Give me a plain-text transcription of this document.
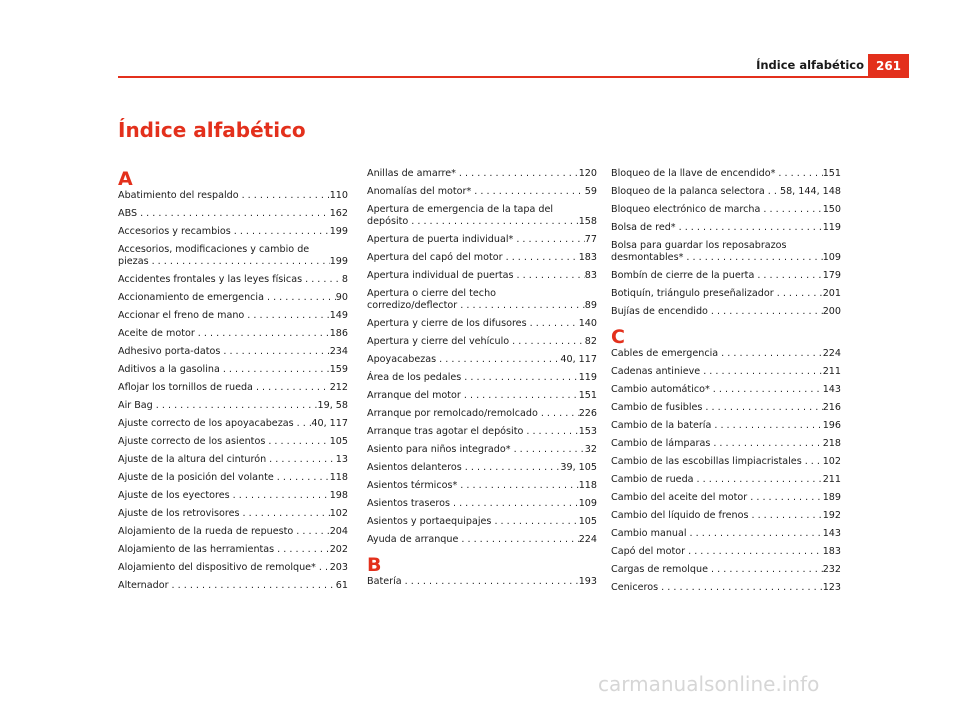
Índice alfabético 261
Índice alfabético
A
Abatimiento del respaldo . . .	110
ABS . . .	162
Accesorios y recambios . . .	199
Accesorios, modificaciones y cambio de
piezas . . .	199
Accidentes frontales y las leyes físicas . . .	8
Accionamiento de emergencia . . .	90
Accionar el freno de mano . . .	149
Aceite de motor . . .	186
Adhesivo porta-datos . . .	234
Aditivos a la gasolina . . .	159
Aflojar los tornillos de rueda . . .	212
Air Bag . . .	19, 58
Ajuste correcto de los apoyacabezas . . . 40, 117
Ajuste correcto de los asientos . . .	105
Ajuste de la altura del cinturón . . .	13
Ajuste de la posición del volante . . .	118
Ajuste de los eyectores . . .	198
Ajuste de los retrovisores . . .	102
Alojamiento de la rueda de repuesto . . .	204
Alojamiento de las herramientas . . .	202
Alojamiento del dispositivo de remolque* . . . 203
Alternador . . .	61
Anillas de amarre* . . .	120
Anomalías del motor* . . .	59
Apertura de emergencia de la tapa del
depósito . . .	158
Apertura de puerta individual* . . .	77
Apertura del capó del motor . . .	183
Apertura individual de puertas . . .	83
Apertura o cierre del techo
corredizo/deflector . . .	89
Apertura y cierre de los difusores . . .	140
Apertura y cierre del vehículo . . .	82
Apoyacabezas . . .	40, 117
Área de los pedales . . .	119
Arranque del motor . . .	151
Arranque por remolcado/remolcado . . .	226
Arranque tras agotar el depósito . . .	153
Asiento para niños integrado* . . .	32
Asientos delanteros . . .	39, 105
Asientos térmicos* . . .	118
Asientos traseros . . .	109
Asientos y portaequipajes . . .	105
Ayuda de arranque . . .	224
B
Batería . . .	193
Bloqueo de la llave de encendido* . . .	151
Bloqueo de la palanca selectora . . . 58, 144, 148
Bloqueo electrónico de marcha . . .	150
Bolsa de red* . . .	119
Bolsa para guardar los reposabrazos
desmontables* . . .	109
Bombín de cierre de la puerta . . .	179
Botiquín, triángulo preseñalizador . . .	201
Bujías de encendido . . .	200
C
Cables de emergencia . . .	224
Cadenas antinieve . . .	211
Cambio automático* . . .	143
Cambio de fusibles . . .	216
Cambio de la batería . . .	196
Cambio de lámparas . . .	218
Cambio de las escobillas limpiacristales . . . 102
Cambio de rueda . . .	211
Cambio del aceite del motor . . .	189
Cambio del líquido de frenos . . .	192
Cambio manual . . .	143
Capó del motor . . .	183
Cargas de remolque . . .	232
Ceniceros . . .	123
carmanualsonline.info
